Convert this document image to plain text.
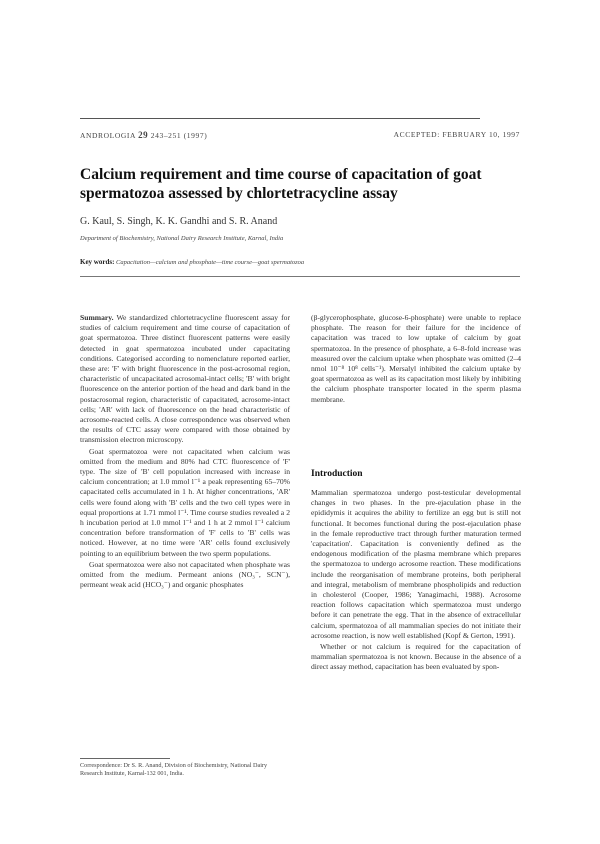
ANDROLOGIA 29 243–251 (1997)	ACCEPTED: FEBRUARY 10, 1997
Calcium requirement and time course of capacitation of goat spermatozoa assessed by chlortetracycline assay
G. Kaul, S. Singh, K. K. Gandhi and S. R. Anand
Department of Biochemistry, National Dairy Research Institute, Karnal, India
Key words: Capacitation—calcium and phosphate—time course—goat spermatozoa

Summary. We standardized chlortetracycline fluorescent assay for studies of calcium requirement and time course of capacitation of goat spermatozoa. Three distinct fluorescent patterns were easily detected in goat spermatozoa incubated under capacitating conditions. Categorised according to nomenclature reported earlier, these are: 'F' with bright fluorescence in the post-acrosomal region, characteristic of uncapacitated acrosomal-intact cells; 'B' with bright fluorescence on the anterior portion of the head and dark band in the postacrosomal region, characteristic of capacitated, acrosome-intact cells; 'AR' with lack of fluorescence on the head characteristic of acrosome-reacted cells. A close correspondence was observed when the results of CTC assay were compared with those obtained by transmission electron microscopy.

Goat spermatozoa were not capacitated when calcium was omitted from the medium and 80% had CTC fluorescence of 'F' type. The size of 'B' cell population increased with increase in calcium concentration; at 1.0 mmol l⁻¹ a peak representing 65–70% capacitated cells accumulated in 1 h. At higher concentrations, 'AR' cells were found along with 'B' cells and the two cell types were in equal proportions at 1.71 mmol l⁻¹. Time course studies revealed a 2 h incubation period at 1.0 mmol l⁻¹ and 1 h at 2 mmol l⁻¹ calcium concentration before transformation of 'F' cells to 'B' cells was noticed. However, at no time were 'AR' cells found exclusively pointing to an equilibrium between the two sperm populations.

Goat spermatozoa were also not capacitated when phosphate was omitted from the medium. Permeant anions (NO₃⁻, SCN⁻), permeant weak acid (HCO₃⁻) and organic phosphates

(β-glycerophosphate, glucose-6-phosphate) were unable to replace phosphate. The reason for their failure for the incidence of capacitation was traced to low uptake of calcium by goat spermatozoa. In the presence of phosphate, a 6–8-fold increase was measured over the calcium uptake when phosphate was omitted (2–4 nmol 10⁻⁸ 10⁸ cells⁻¹). Mersalyl inhibited the calcium uptake by goat spermatozoa as well as its capacitation most likely by inhibiting the calcium phosphate transporter located in the sperm plasma membrane.

Introduction

Mammalian spermatozoa undergo post-testicular developmental changes in two phases. In the pre-ejaculation phase in the epididymis it acquires the ability to fertilize an egg but is still not functional. It becomes functional during the post-ejaculation phase in the female reproductive tract through further maturation termed 'capacitation'. Capacitation is conveniently defined as the endogenous modification of the plasma membrane which prepares the spermatozoa to undergo acrosome reaction. These modifications include the reorganisation of membrane proteins, both peripheral and integral, metabolism of membrane phospholipids and reduction in cholesterol (Cooper, 1986; Yanagimachi, 1988). Acrosome reaction follows capacitation which spermatozoa must undergo before it can penetrate the egg. That in the absence of extracellular calcium, spermatozoa of all mammalian species do not initiate their acrosome reaction, is now well established (Kopf & Gerton, 1991).

Whether or not calcium is required for the capacitation of mammalian spermatozoa is not known. Because in the absence of a direct assay method, capacitation has been evaluated by spon-

Correspondence: Dr S. R. Anand, Division of Biochemistry, National Dairy Research Institute, Karnal-132 001, India.
